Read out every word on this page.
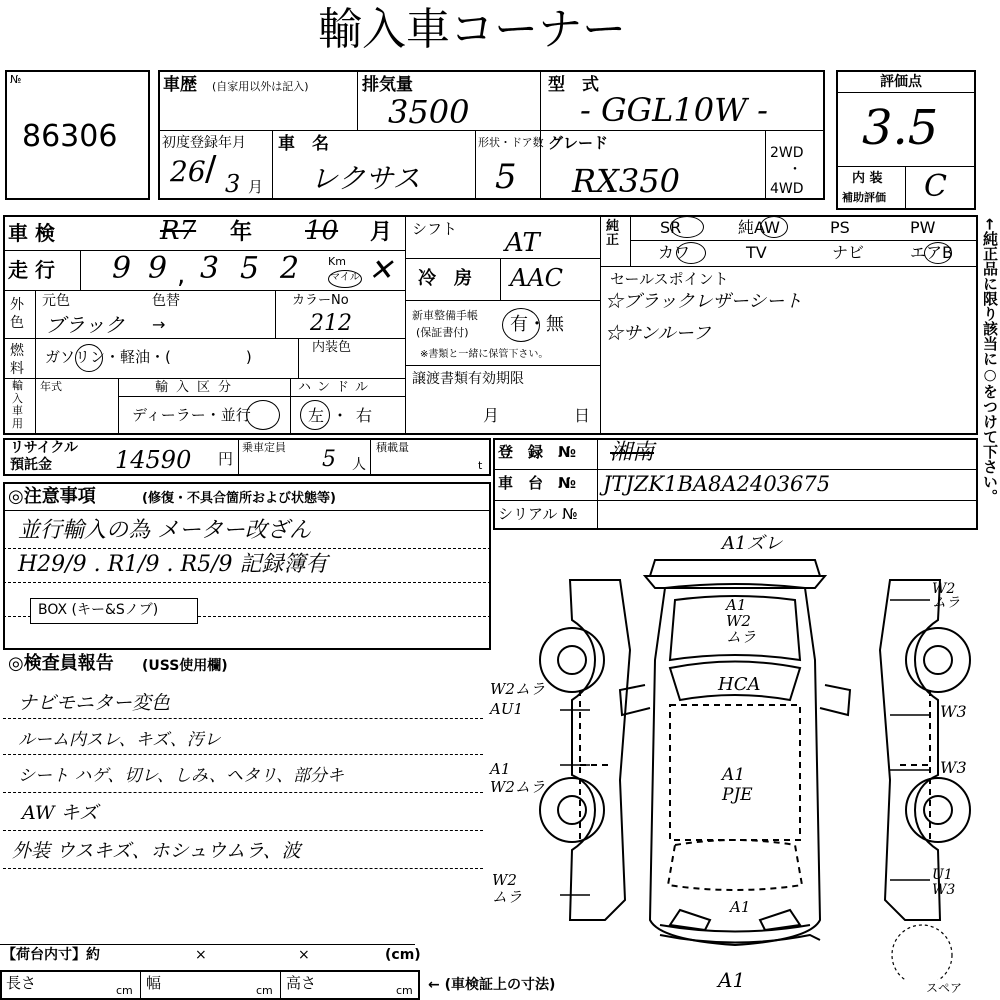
輸入車コーナー
№
86306
車歴 (自家用以外は記入)	排気量
3500
型　式
- GGL10W -
初度登録年月
26 / 3 月
車　名
レクサス
形状・ドア数
5
グレード
RX350
2WD
・
4WD
評価点
3.5
内 装
補助評価 C
車 検	R7 年 10 月
走 行 9 9 , 3 5 2	Km
マイル ✕
シフト AT
冷　房 AAC
純正
SR	純AW	PS	PW
カワ	TV	ナビ	エアB ←純正品に限り該当に○をつけて下さい。
セールスポイント
☆ブラックレザーシート
☆サンルーフ
外色
元色	色替
ブラック →
カラーNo
212
燃料
ガソリン・軽油・(　　　　　)
内装色
輸入車用
年式	輸入区分
ディーラー・並行
ハンドル
左・右
新車整備手帳
(保証書付) 有・無
※書類と一緒に保管下さい。
譲渡書類有効期限
月	日
リサイクル
預託金	14590 円
乗車定員 5 人
積載量
t
登　録　№ 湘南
車　台　№ JTJZK1BA8A2403675
シリアル №
◎注意事項	(修復・不具合箇所および状態等)
並行輸入の為 メーター改ざん
H29/9 . R1/9 . R5/9 記録簿有
BOX (キー&Sノブ)
◎検査員報告 (USS使用欄)
ナビモニター変色
ルーム内スレ、キズ、汚レ
シート ハゲ、切レ、しみ、ヘタリ、部分キ
AW キズ
外装 ウスキズ、ホシュウムラ、波
A1ズレ
A1
W2
ムラ
HCA
A1
PJE
A1
A1
W2
ムラ
W2ムラ
AU1
A1
W2ムラ
W2
ムラ
W3
W3
U1
W3
スペア
【荷台内寸】約	×	×	(cm)
長さ	cm 幅	cm 高さ	cm ← (車検証上の寸法)
